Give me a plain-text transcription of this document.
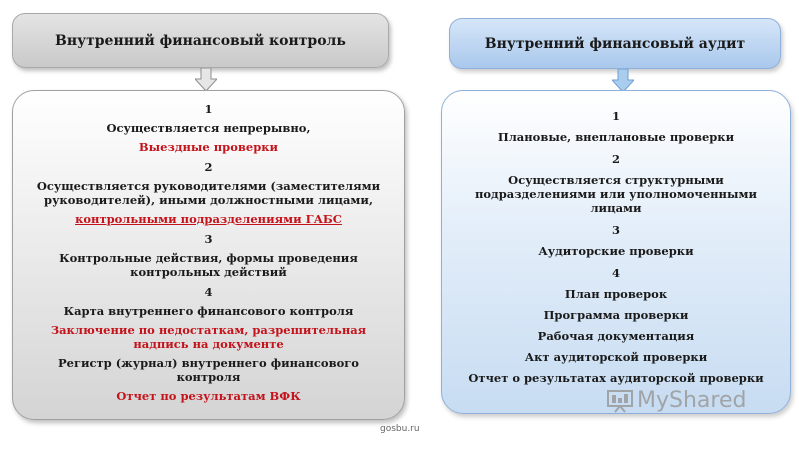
Внутренний финансовый контроль
1
Осуществляется непрерывно,
Выездные проверки
2
Осуществляется руководителями (заместителями руководителей), иными должностными лицами,
контрольными подразделениями ГАБС
3
Контрольные действия, формы проведения контрольных действий
4
Карта внутреннего финансового контроля
Заключение по недостаткам, разрешительная надпись на документе
Регистр (журнал) внутреннего финансового контроля
Отчет по результатам ВФК
Внутренний финансовый аудит
1
Плановые, внеплановые проверки
2
Осуществляется структурными подразделениями или уполномоченными лицами
3
Аудиторские проверки
4
План проверок
Программа проверки
Рабочая документация
Акт аудиторской проверки
Отчет о результатах аудиторской проверки
gosbu.ru
MyShared
